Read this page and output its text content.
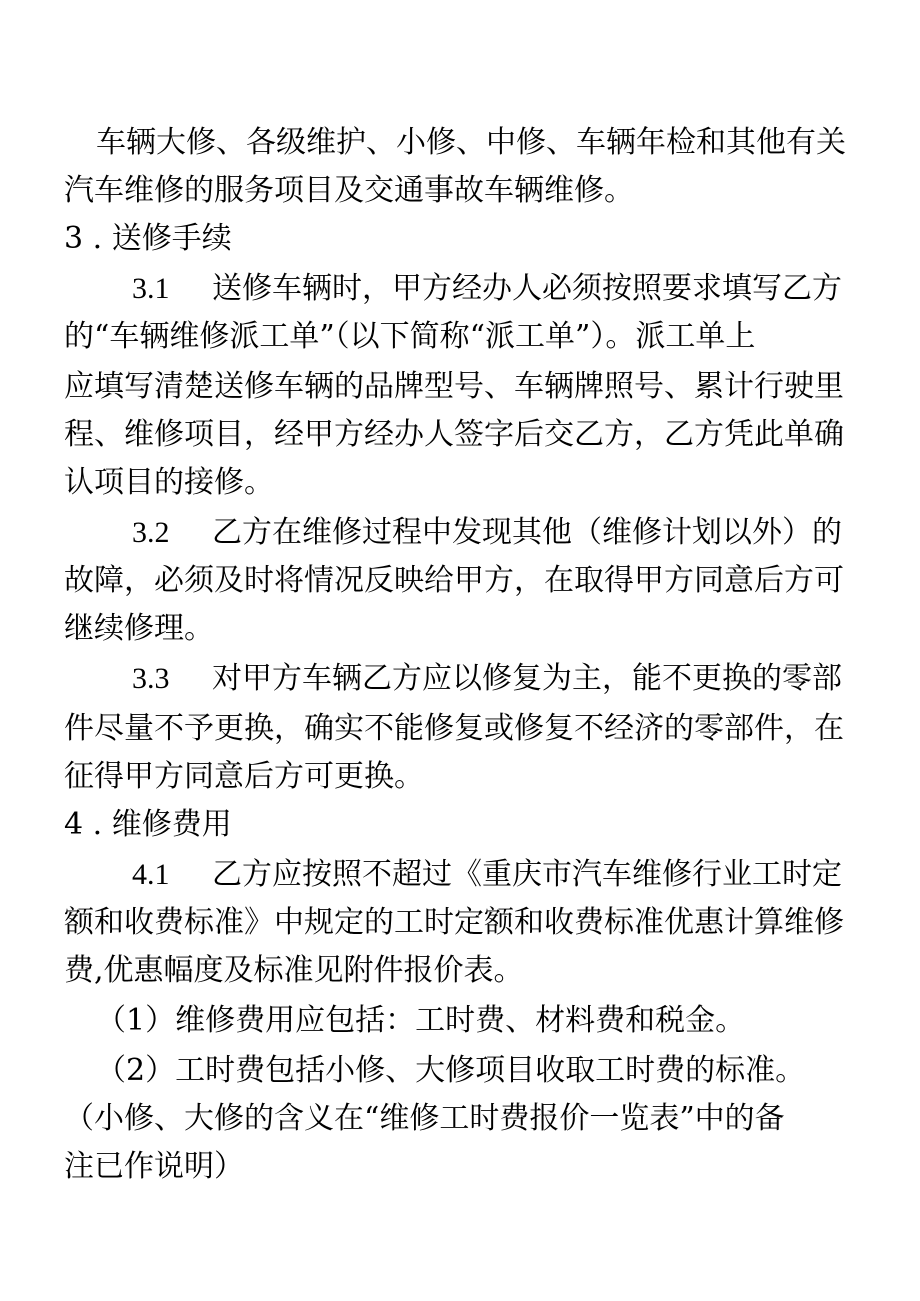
车辆大修、各级维护、小修、中修、车辆年检和其他有关
汽车维修的服务项目及交通事故车辆维修。
3 . 送修手续
3.1 送修车辆时，甲方经办人必须按照要求填写乙方
的“车辆维修派工单”（以下简称“派工单”）。派工单上
应填写清楚送修车辆的品牌型号、车辆牌照号、累计行驶里
程、维修项目，经甲方经办人签字后交乙方，乙方凭此单确
认项目的接修。
3.2 乙方在维修过程中发现其他（维修计划以外）的
故障，必须及时将情况反映给甲方，在取得甲方同意后方可
继续修理。
3.3 对甲方车辆乙方应以修复为主，能不更换的零部
件尽量不予更换，确实不能修复或修复不经济的零部件，在
征得甲方同意后方可更换。
4 . 维修费用
4.1 乙方应按照不超过《重庆市汽车维修行业工时定
额和收费标准》中规定的工时定额和收费标准优惠计算维修
费,优惠幅度及标准见附件报价表。
（1）维修费用应包括：工时费、材料费和税金。
（2）工时费包括小修、大修项目收取工时费的标准。
（小修、大修的含义在“维修工时费报价一览表”中的备
注已作说明）
